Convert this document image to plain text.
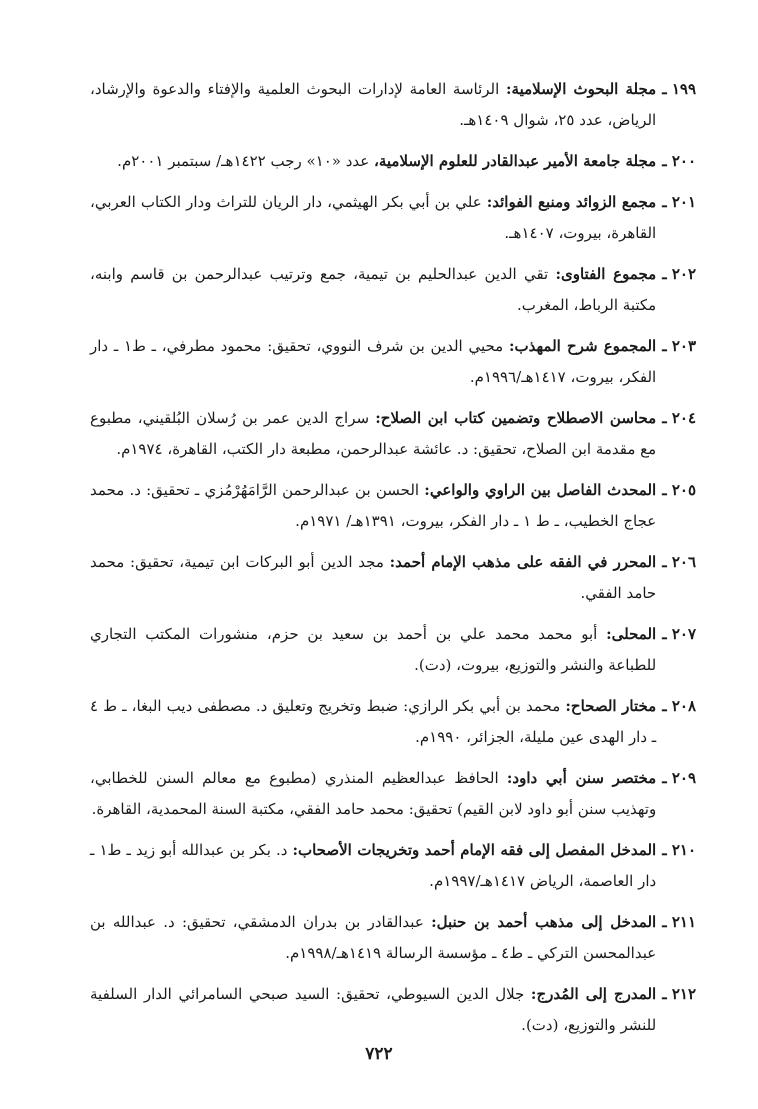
١٩٩ ـ
مجلة البحوث الإسلامية: الرئاسة العامة لإدارات البحوث العلمية والإفتاء والدعوة والإرشاد، الرياض، عدد ٢٥، شوال ١٤٠٩هـ.
٢٠٠ ـ
مجلة جامعة الأمير عبدالقادر للعلوم الإسلامية، عدد «١٠» رجب ١٤٢٢هـ/ سبتمبر ٢٠٠١م.
٢٠١ ـ
مجمع الزوائد ومنبع الفوائد: علي بن أبي بكر الهيثمي، دار الريان للتراث ودار الكتاب العربي، القاهرة، بيروت، ١٤٠٧هـ.
٢٠٢ ـ
مجموع الفتاوى: تقي الدين عبدالحليم بن تيمية، جمع وترتيب عبدالرحمن بن قاسم وابنه، مكتبة الرباط، المغرب.
٢٠٣ ـ
المجموع شرح المهذب: محيي الدين بن شرف النووي، تحقيق: محمود مطرفي، ـ ط١ ـ دار الفكر، بيروت، ١٤١٧هـ/١٩٩٦م.
٢٠٤ ـ
محاسن الاصطلاح وتضمين كتاب ابن الصلاح: سراج الدين عمر بن رُسلان البُلقيني، مطبوع مع مقدمة ابن الصلاح، تحقيق: د. عائشة عبدالرحمن، مطبعة دار الكتب، القاهرة، ١٩٧٤م.
٢٠٥ ـ
المحدث الفاصل بين الراوي والواعي: الحسن بن عبدالرحمن الرَّامَهُرْمُزي ـ تحقيق: د. محمد عجاج الخطيب، ـ ط ١ ـ دار الفكر، بيروت، ١٣٩١هـ/ ١٩٧١م.
٢٠٦ ـ
المحرر في الفقه على مذهب الإمام أحمد: مجد الدين أبو البركات ابن تيمية، تحقيق: محمد حامد الفقي.
٢٠٧ ـ
المحلى: أبو محمد محمد علي بن أحمد بن سعيد بن حزم، منشورات المكتب التجاري للطباعة والنشر والتوزيع، بيروت، (دت).
٢٠٨ ـ
مختار الصحاح: محمد بن أبي بكر الرازي: ضبط وتخريج وتعليق د. مصطفى ديب البغا، ـ ط ٤ ـ دار الهدى عين مليلة، الجزائر، ١٩٩٠م.
٢٠٩ ـ
مختصر سنن أبي داود: الحافظ عبدالعظيم المنذري (مطبوع مع معالم السنن للخطابي، وتهذيب سنن أبو داود لابن القيم) تحقيق: محمد حامد الفقي، مكتبة السنة المحمدية، القاهرة.
٢١٠ ـ
المدخل المفصل إلى فقه الإمام أحمد وتخريجات الأصحاب: د. بكر بن عبدالله أبو زيد ـ ط١ ـ دار العاصمة، الرياض ١٤١٧هـ/١٩٩٧م.
٢١١ ـ
المدخل إلى مذهب أحمد بن حنبل: عبدالقادر بن بدران الدمشقي، تحقيق: د. عبدالله بن عبدالمحسن التركي ـ ط٤ ـ مؤسسة الرسالة ١٤١٩هـ/١٩٩٨م.
٢١٢ ـ
المدرج إلى المُدرج: جلال الدين السيوطي، تحقيق: السيد صبحي السامرائي الدار السلفية للنشر والتوزيع، (دت).
٧٢٢
